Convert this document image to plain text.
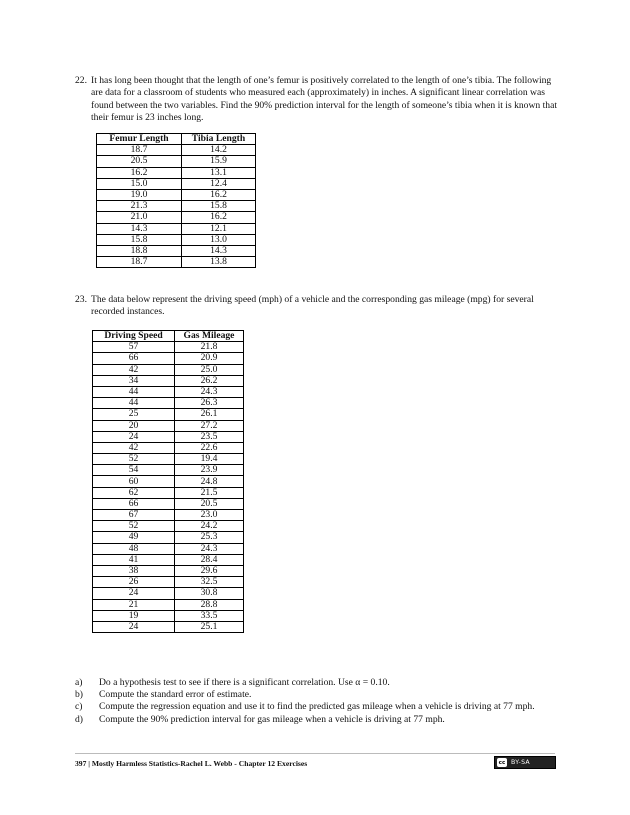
22. It has long been thought that the length of one’s femur is positively correlated to the length of one’s tibia. The following are data for a classroom of students who measured each (approximately) in inches. A significant linear correlation was found between the two variables. Find the 90% prediction interval for the length of someone’s tibia when it is known that their femur is 23 inches long.
Femur Length	Tibia Length
18.7	14.2
20.5	15.9
16.2	13.1
15.0	12.4
19.0	16.2
21.3	15.8
21.0	16.2
14.3	12.1
15.8	13.0
18.8	14.3
18.7	13.8
23. The data below represent the driving speed (mph) of a vehicle and the corresponding gas mileage (mpg) for several recorded instances.
Driving Speed	Gas Mileage
57	21.8
66	20.9
42	25.0
34	26.2
44	24.3
44	26.3
25	26.1
20	27.2
24	23.5
42	22.6
52	19.4
54	23.9
60	24.8
62	21.5
66	20.5
67	23.0
52	24.2
49	25.3
48	24.3
41	28.4
38	29.6
26	32.5
24	30.8
21	28.8
19	33.5
24	25.1
a) Do a hypothesis test to see if there is a significant correlation. Use α = 0.10.
b) Compute the standard error of estimate.
c) Compute the regression equation and use it to find the predicted gas mileage when a vehicle is driving at 77 mph.
d) Compute the 90% prediction interval for gas mileage when a vehicle is driving at 77 mph.
397 | Mostly Harmless Statistics-Rachel L. Webb - Chapter 12 Exercises	cc BY-SA
